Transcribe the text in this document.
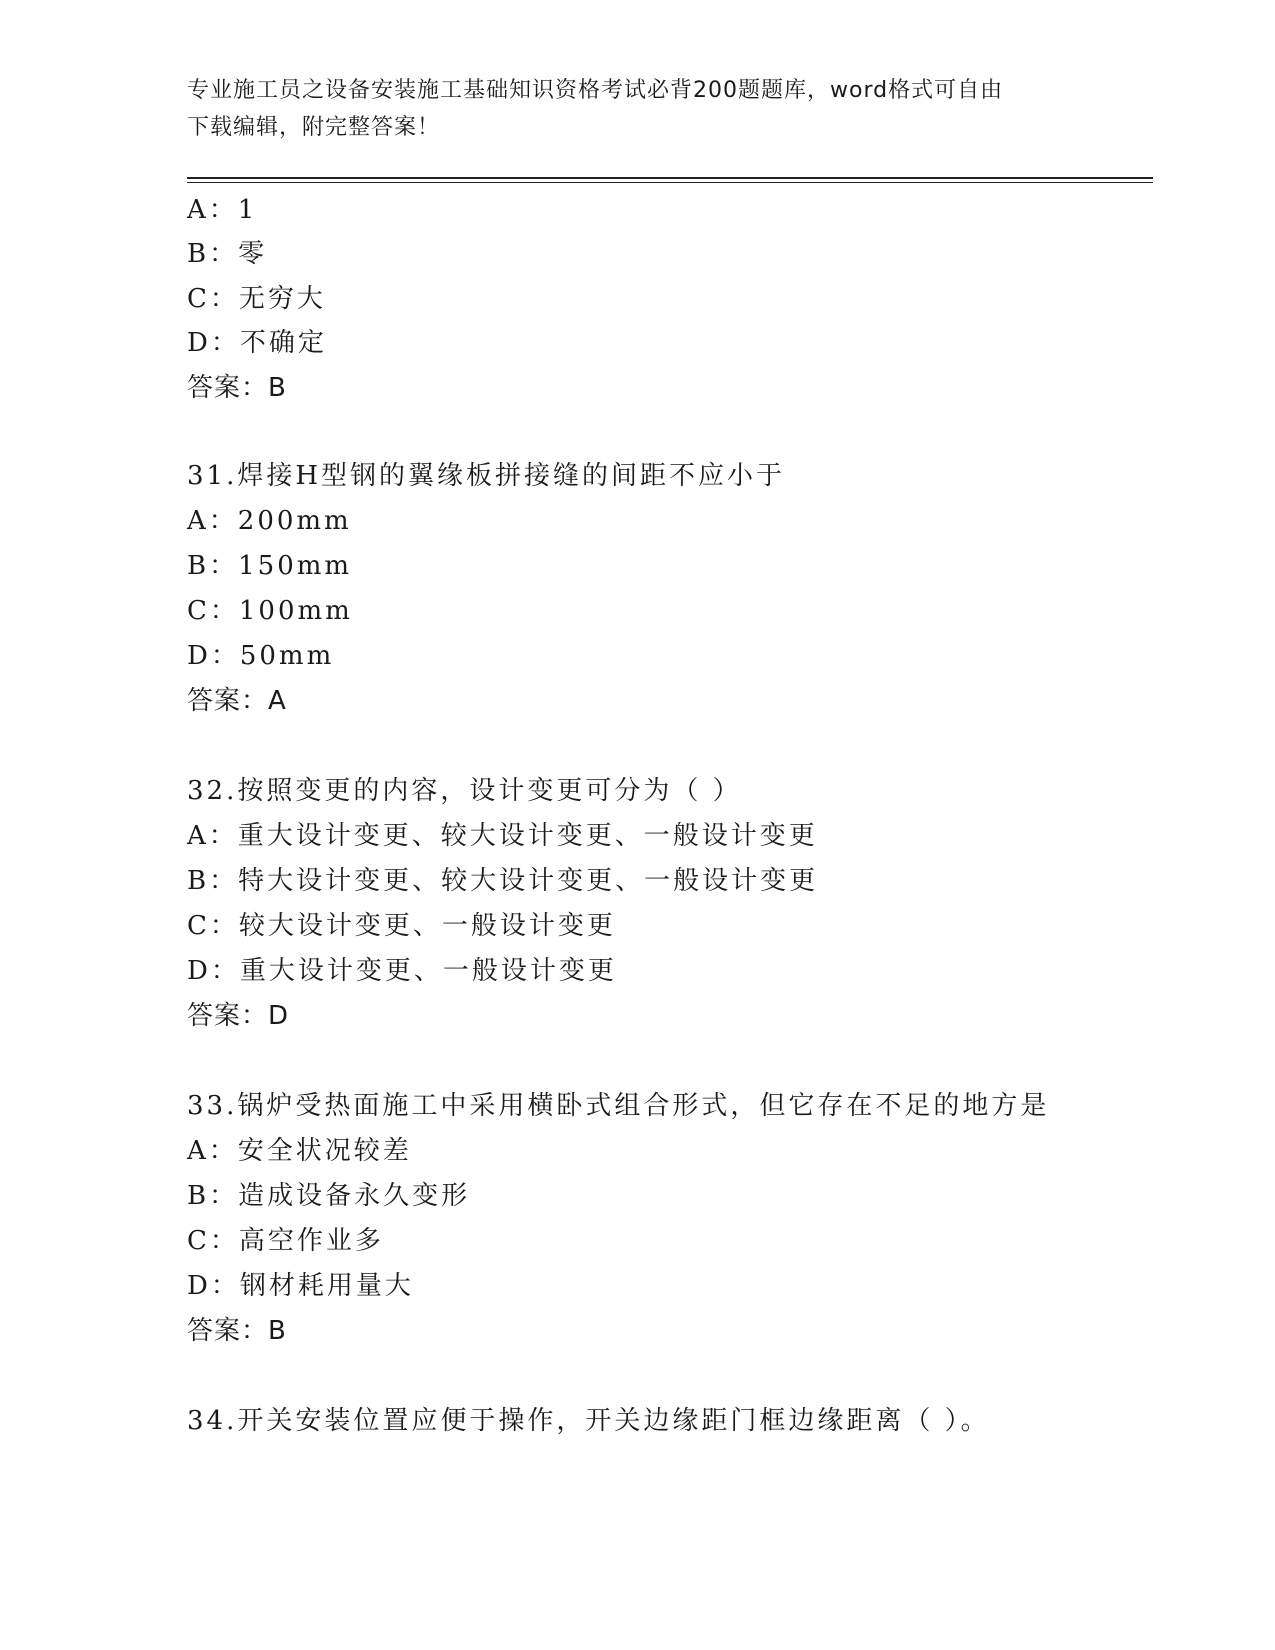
专业施工员之设备安装施工基础知识资格考试必背200题题库，word格式可自由
下载编辑，附完整答案！
A：1
B：零
C：无穷大
D：不确定
答案：B
31.焊接H型钢的翼缘板拼接缝的间距不应小于
A：200mm
B：150mm
C：100mm
D：50mm
答案：A
32.按照变更的内容，设计变更可分为（ ）
A：重大设计变更、较大设计变更、一般设计变更
B：特大设计变更、较大设计变更、一般设计变更
C：较大设计变更、一般设计变更
D：重大设计变更、一般设计变更
答案：D
33.锅炉受热面施工中采用横卧式组合形式，但它存在不足的地方是
A：安全状况较差
B：造成设备永久变形
C：高空作业多
D：钢材耗用量大
答案：B
34.开关安装位置应便于操作，开关边缘距门框边缘距离（ ）。
